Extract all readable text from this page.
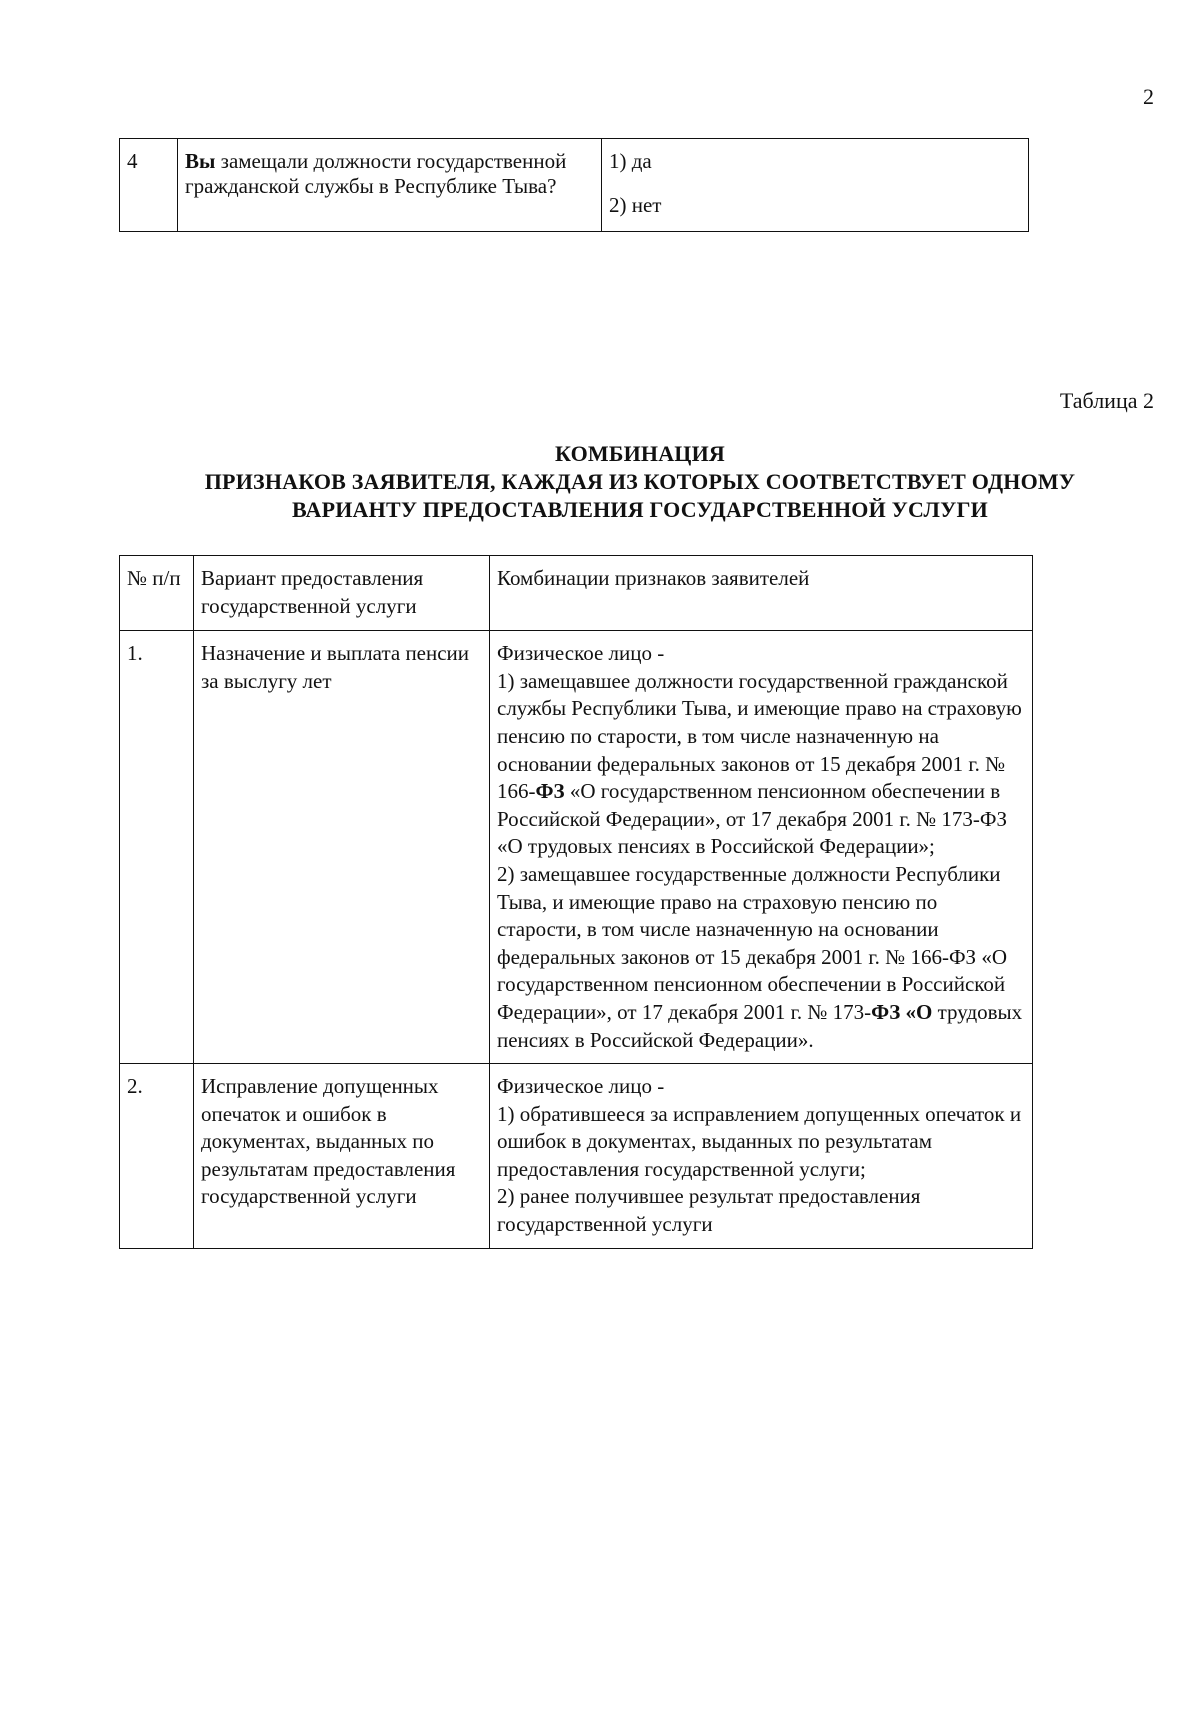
2
4	Вы замещали должности государственной гражданской службы в Республике Тыва?	
1) да
2) нет
Таблица 2
КОМБИНАЦИЯ
ПРИЗНАКОВ ЗАЯВИТЕЛЯ, КАЖДАЯ ИЗ КОТОРЫХ СООТВЕТСТВУЕТ ОДНОМУ
ВАРИАНТУ ПРЕДОСТАВЛЕНИЯ ГОСУДАРСТВЕННОЙ УСЛУГИ
№ п/п	Вариант предоставления государственной услуги	Комбинации признаков заявителей
1.	Назначение и выплата пенсии за выслугу лет	Физическое лицо -
1) замещавшее должности государственной гражданской службы Республики Тыва, и имеющие право на страховую пенсию по старости, в том числе назначенную на основании федеральных законов от 15 декабря 2001 г. № 166-ФЗ «О государственном пенсионном обеспечении в Российской Федерации», от 17 декабря 2001 г. № 173-ФЗ «О трудовых пенсиях в Российской Федерации»;
2) замещавшее государственные должности Республики Тыва, и имеющие право на страховую пенсию по старости, в том числе назначенную на основании федеральных законов от 15 декабря 2001 г. № 166-ФЗ «О государственном пенсионном обеспечении в Российской Федерации», от 17 декабря 2001 г. № 173-ФЗ «О трудовых пенсиях в Российской Федерации».

2.	Исправление допущенных опечаток и ошибок в документах, выданных по результатам предоставления государственной услуги	Физическое лицо -
1) обратившееся за исправлением допущенных опечаток и ошибок в документах, выданных по результатам предоставления государственной услуги;
2) ранее получившее результат предоставления государственной услуги
